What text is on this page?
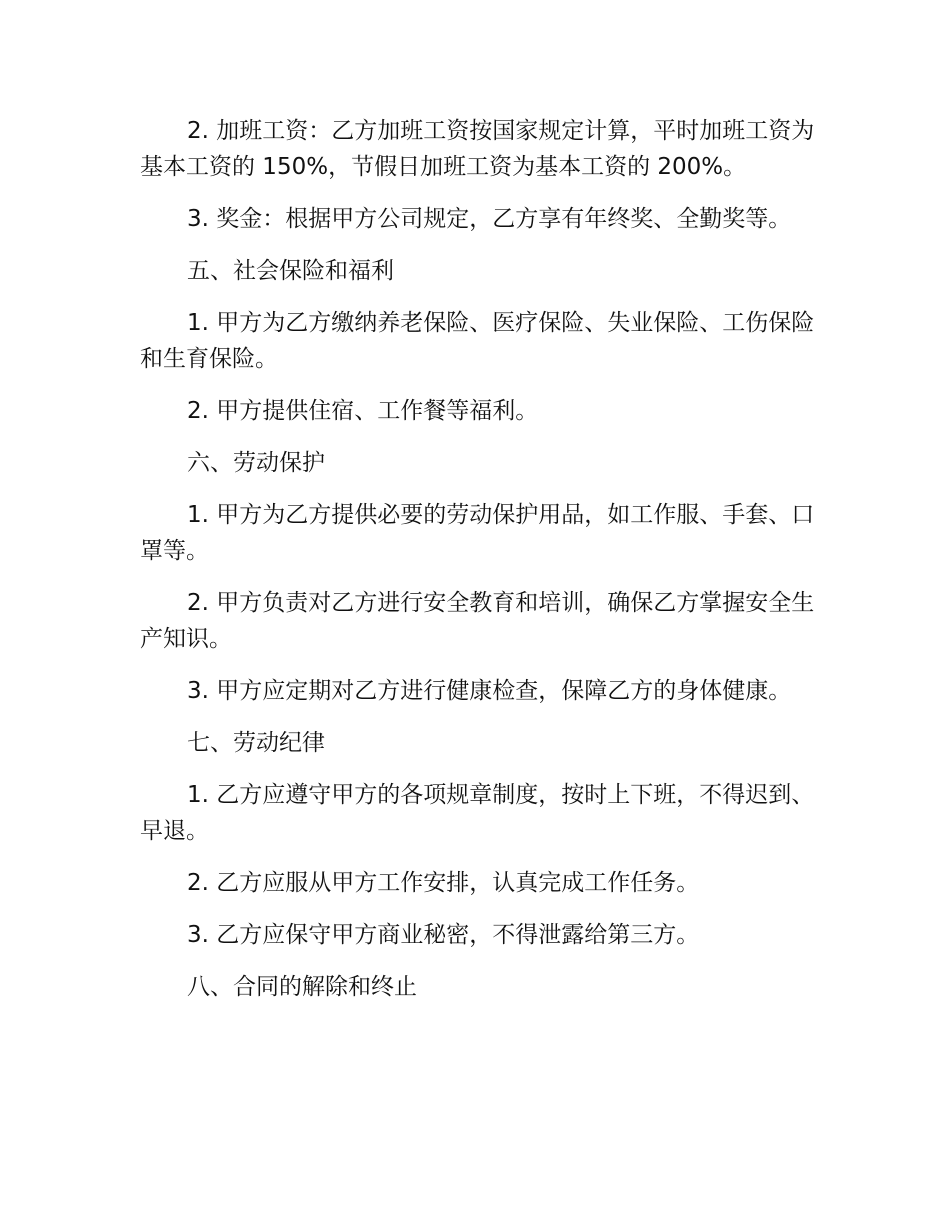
2. 加班工资：乙方加班工资按国家规定计算，平时加班工资为基本工资的 150%，节假日加班工资为基本工资的 200%。

3. 奖金：根据甲方公司规定，乙方享有年终奖、全勤奖等。

五、社会保险和福利

1. 甲方为乙方缴纳养老保险、医疗保险、失业保险、工伤保险和生育保险。

2. 甲方提供住宿、工作餐等福利。

六、劳动保护

1. 甲方为乙方提供必要的劳动保护用品，如工作服、手套、口罩等。

2. 甲方负责对乙方进行安全教育和培训，确保乙方掌握安全生产知识。

3. 甲方应定期对乙方进行健康检查，保障乙方的身体健康。

七、劳动纪律

1. 乙方应遵守甲方的各项规章制度，按时上下班，不得迟到、早退。

2. 乙方应服从甲方工作安排，认真完成工作任务。

3. 乙方应保守甲方商业秘密，不得泄露给第三方。

八、合同的解除和终止
